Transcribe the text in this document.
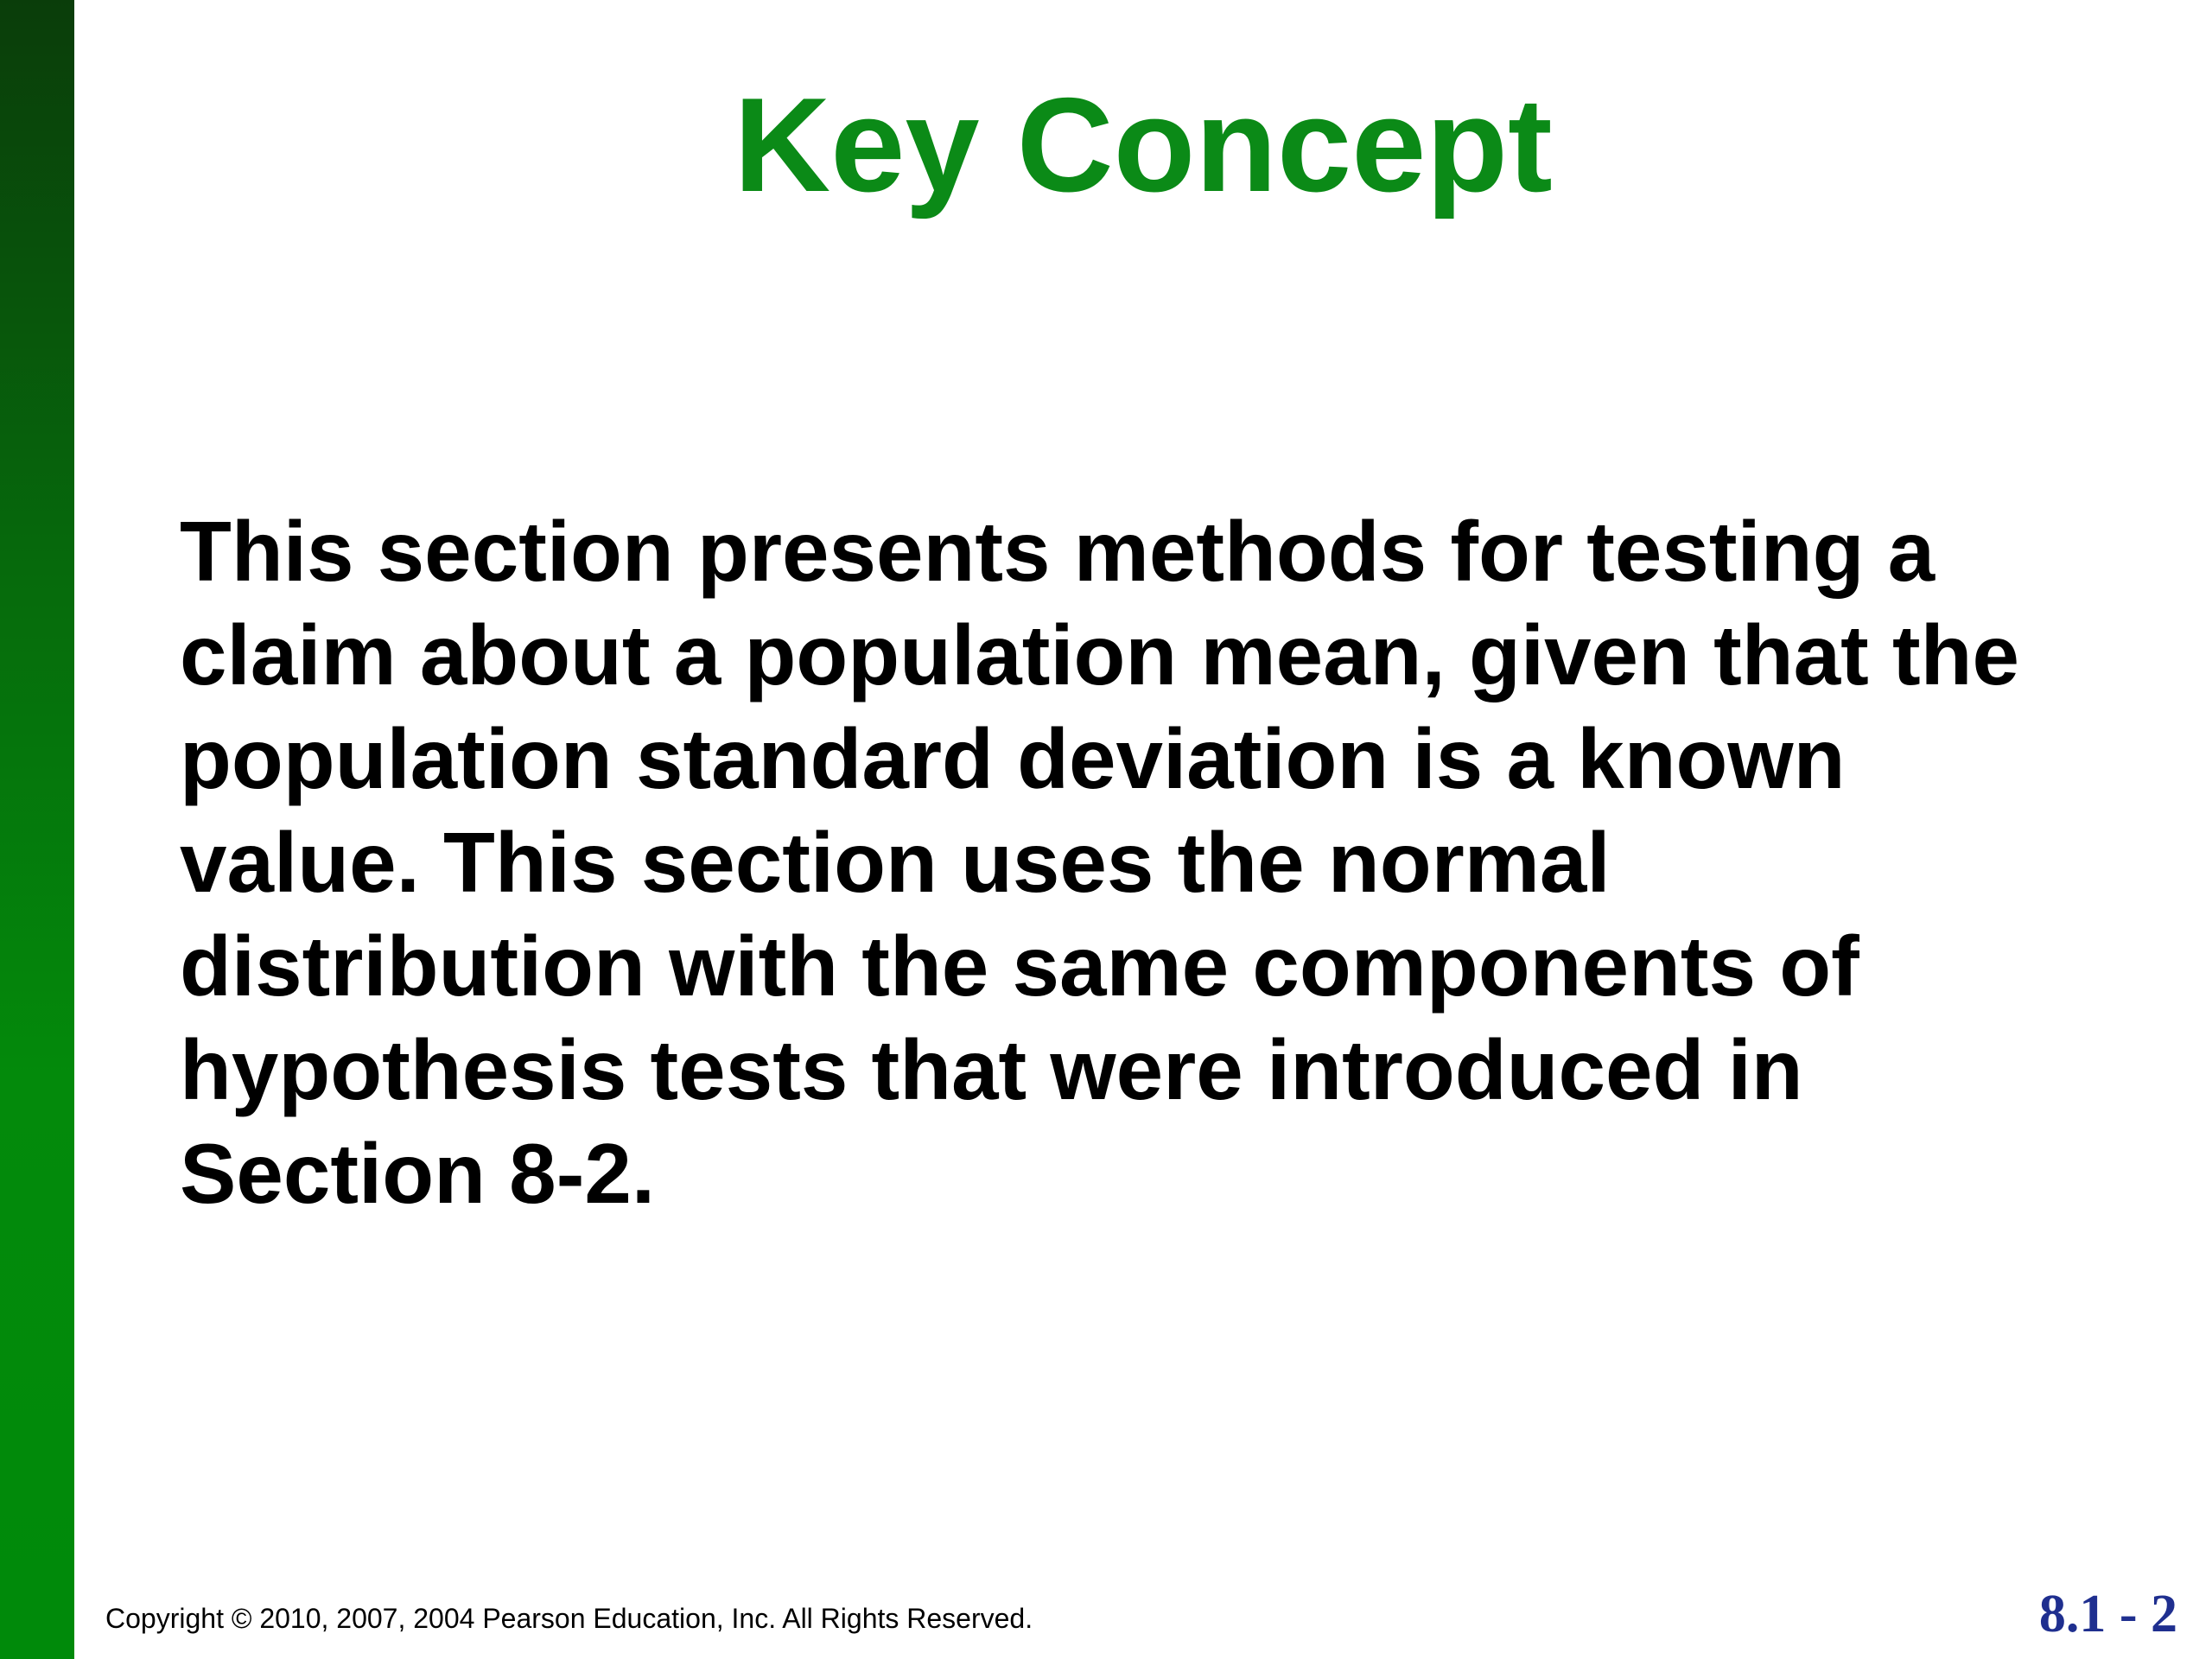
Key Concept

This section presents methods for testing a
claim about a population mean, given that the
population standard deviation is a known
value. This section uses the normal
distribution with the same components of
hypothesis tests that were introduced in
Section 8-2.

Copyright © 2010, 2007, 2004 Pearson Education, Inc. All Rights Reserved.	8.1 - 2
